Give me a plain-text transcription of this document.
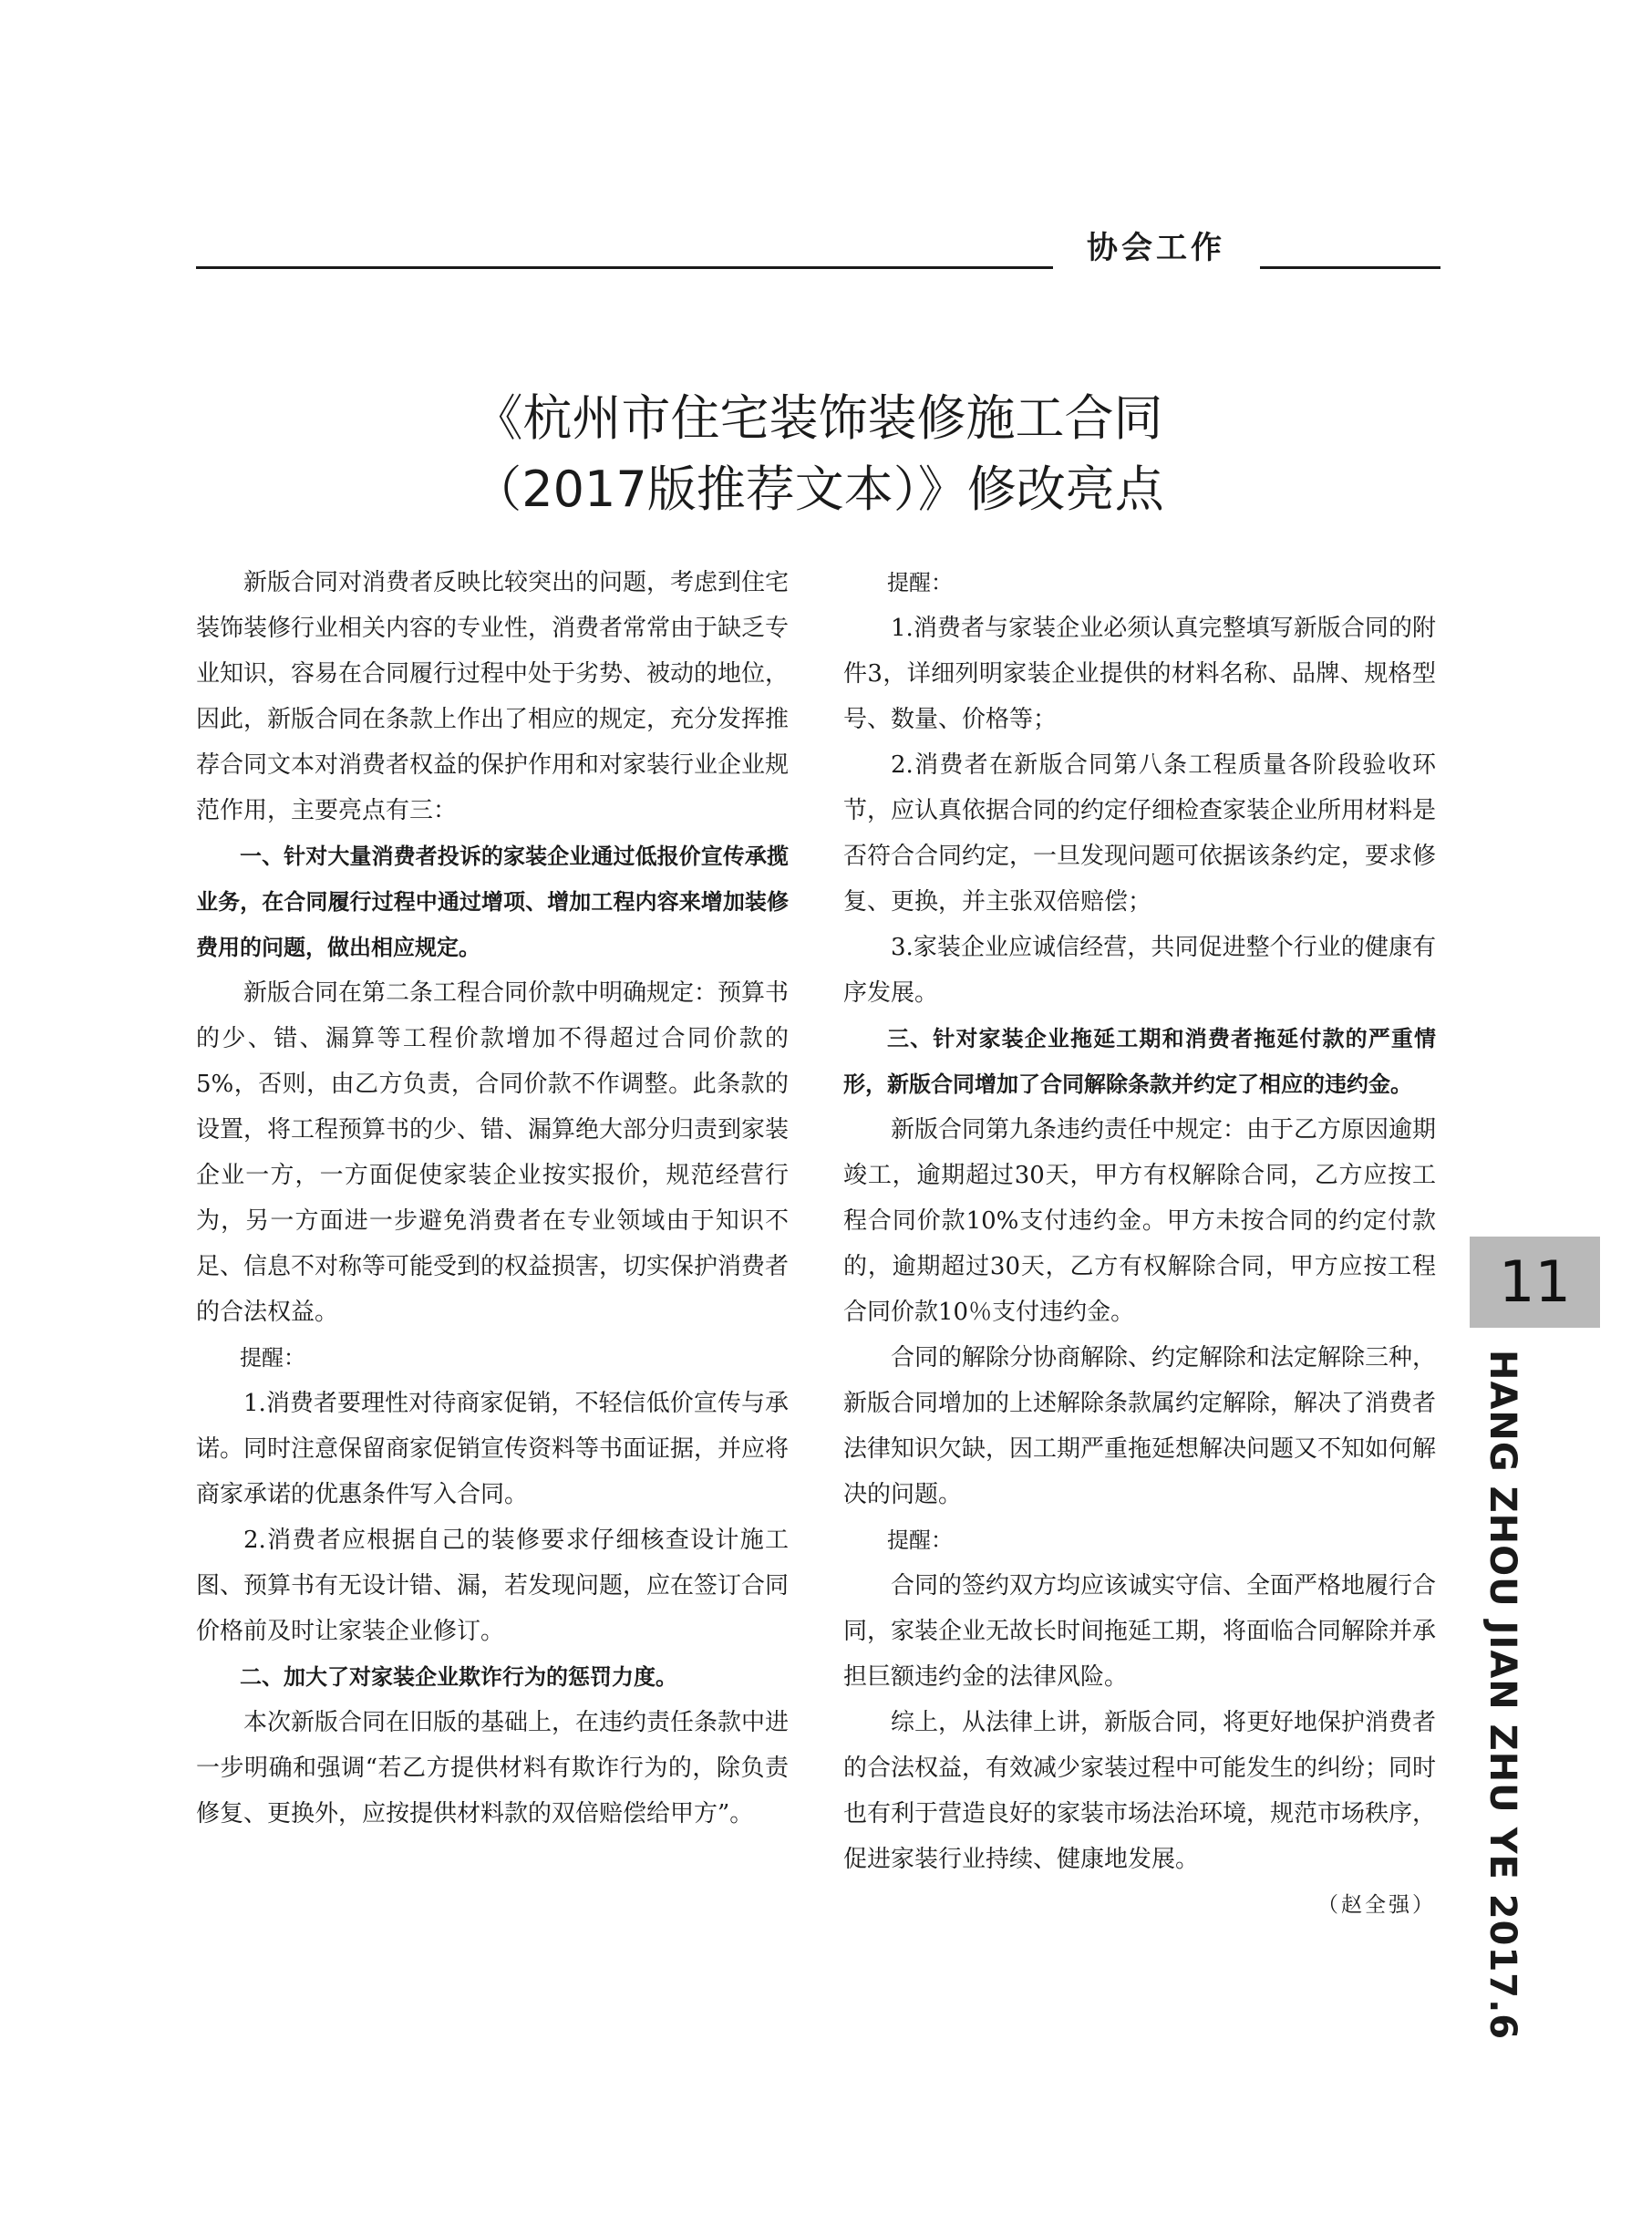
协会工作
《杭州市住宅装饰装修施工合同
（2017版推荐文本）》修改亮点

新版合同对消费者反映比较突出的问题，考虑到住宅装饰装修行业相关内容的专业性，消费者常常由于缺乏专业知识，容易在合同履行过程中处于劣势、被动的地位，因此，新版合同在条款上作出了相应的规定，充分发挥推荐合同文本对消费者权益的保护作用和对家装行业企业规范作用，主要亮点有三：

一、针对大量消费者投诉的家装企业通过低报价宣传承揽业务，在合同履行过程中通过增项、增加工程内容来增加装修费用的问题，做出相应规定。

新版合同在第二条工程合同价款中明确规定：预算书的少、错、漏算等工程价款增加不得超过合同价款的5%，否则，由乙方负责，合同价款不作调整。此条款的设置，将工程预算书的少、错、漏算绝大部分归责到家装企业一方，一方面促使家装企业按实报价，规范经营行为，另一方面进一步避免消费者在专业领域由于知识不足、信息不对称等可能受到的权益损害，切实保护消费者的合法权益。

提醒：

1.消费者要理性对待商家促销，不轻信低价宣传与承诺。同时注意保留商家促销宣传资料等书面证据，并应将商家承诺的优惠条件写入合同。

2.消费者应根据自己的装修要求仔细核查设计施工图、预算书有无设计错、漏，若发现问题，应在签订合同价格前及时让家装企业修订。

二、加大了对家装企业欺诈行为的惩罚力度。

本次新版合同在旧版的基础上，在违约责任条款中进一步明确和强调“若乙方提供材料有欺诈行为的，除负责修复、更换外，应按提供材料款的双倍赔偿给甲方”。

提醒：

1.消费者与家装企业必须认真完整填写新版合同的附件3，详细列明家装企业提供的材料名称、品牌、规格型号、数量、价格等；

2.消费者在新版合同第八条工程质量各阶段验收环节，应认真依据合同的约定仔细检查家装企业所用材料是否符合合同约定，一旦发现问题可依据该条约定，要求修复、更换，并主张双倍赔偿；

3.家装企业应诚信经营，共同促进整个行业的健康有序发展。

三、针对家装企业拖延工期和消费者拖延付款的严重情形，新版合同增加了合同解除条款并约定了相应的违约金。

新版合同第九条违约责任中规定：由于乙方原因逾期竣工，逾期超过30天，甲方有权解除合同，乙方应按工程合同价款10%支付违约金。甲方未按合同的约定付款的，逾期超过30天，乙方有权解除合同，甲方应按工程合同价款10％支付违约金。

合同的解除分协商解除、约定解除和法定解除三种，新版合同增加的上述解除条款属约定解除，解决了消费者法律知识欠缺，因工期严重拖延想解决问题又不知如何解决的问题。

提醒：

合同的签约双方均应该诚实守信、全面严格地履行合同，家装企业无故长时间拖延工期，将面临合同解除并承担巨额违约金的法律风险。

综上，从法律上讲，新版合同，将更好地保护消费者的合法权益，有效减少家装过程中可能发生的纠纷；同时也有利于营造良好的家装市场法治环境，规范市场秩序，促进家装行业持续、健康地发展。

（赵全强）

11
HANG ZHOU JIAN ZHU YE 2017.6
